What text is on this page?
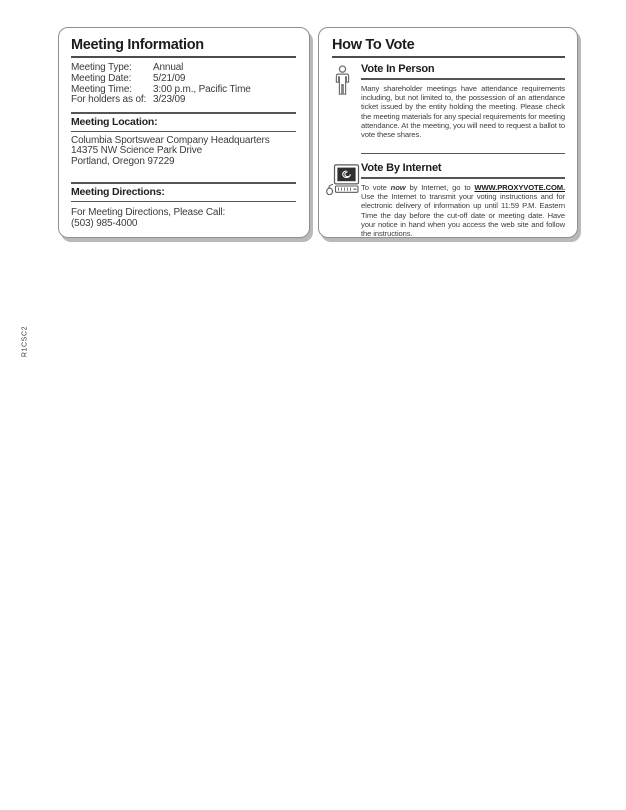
R1CSC2
Meeting Information
Meeting Type:	Annual
Meeting Date:	5/21/09
Meeting Time:	3:00 p.m., Pacific Time
For holders as of: 3/23/09
Meeting Location:
Columbia Sportswear Company Headquarters
14375 NW Science Park Drive
Portland, Oregon 97229
Meeting Directions:
For Meeting Directions, Please Call:
(503) 985-4000
How To Vote
Vote In Person

Many shareholder meetings have attendance requirements including, but not limited to, the possession of an attendance ticket issued by the entity holding the meeting. Please check the meeting materials for any special requirements for meeting attendance. At the meeting, you will need to request a ballot to vote these shares.

Vote By Internet

To vote now by Internet, go to WWW.PROXYVOTE.COM. Use the Internet to transmit your voting instructions and for electronic delivery of information up until 11:59 P.M. Eastern Time the day before the cut-off date or meeting date. Have your notice in hand when you access the web site and follow the instructions.
